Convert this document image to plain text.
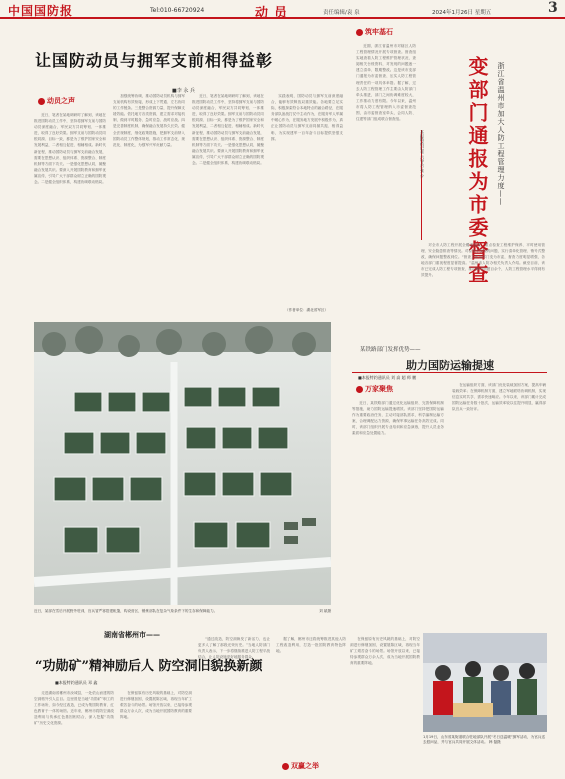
中国国防报	Tel:010-66720924	动员	责任编辑/袁 泉	2024年1月26日 星期五	3
让国防动员与拥军支前相得益彰
■李 永 兵
动员之声

近日，笔者在某地调研时了解到，该地在推进国防动员工作中，坚持将拥军支前与国防动员深度融合，军民双方共同筹划、一体推进，取得了良好效果。拥军支前与国防动员同根同源、目标一致，都是为了维护国家安全和发展利益，二者相互促进、相辅相成。新时代新征程，推动国防动员与拥军支前融合发展，需要在思想认识、组织体系、资源整合、制度机制等方面下功夫。一是强化思想认同，凝聚融合发展共识。要深入开展国防教育和拥军优属宣传，引导广大干部群众树立正确的国防观念。二是健全组织体系，构建协调联动格局。

加强统筹协调，推动国防动员机构与拥军支前机构有效衔接，形成上下贯通、左右协同的工作链条。三是整合资源力量，提升保障支援效能。依托地方各类资源，建立需求对接机制，做到平时服务、急时应急、战时应战。四是完善制度机制，确保融合发展持久长效。健全法规制度，细化政策措施，把拥军支前纳入国防动员工作整体规划，推动工作常态化、规范化、制度化，为强军兴军贡献力量。

近日，笔者在某地调研时了解到，该地在推进国防动员工作中，坚持将拥军支前与国防动员深度融合，军民双方共同筹划、一体推进，取得了良好效果。拥军支前与国防动员同根同源、目标一致，都是为了维护国家安全和发展利益，二者相互促进、相辅相成。新时代新征程，推动国防动员与拥军支前融合发展，需要在思想认识、组织体系、资源整合、制度机制等方面下功夫。一是强化思想认同，凝聚融合发展共识。要深入开展国防教育和拥军优属宣传，引导广大干部群众树立正确的国防观念。二是健全组织体系，构建协调联动格局。

实践表明，国防动员与拥军支前深度融合，能够有效释放双重效能。各地要立足实际，积极探索符合本地特点的融合路径，在服务部队备战打仗中主动作为，在服务军人军属中暖心作为，在服务地方发展中积极作为，真正让国防动员与拥军支前同频共振、相得益彰，为实现建军一百年奋斗目标提供坚强支撑。

（作者单位：湖北省军区）
近日，某部在雪后开展野外驻训，官兵冒严寒搭建帐篷，构设营区，锤炼部队在复杂气象条件下的生存和保障能力。	刘 斌摄
筑牢基石

近期，浙江省温州市对辖区人防工程管理情况开展专项督查。督查组实地查看人防工程维护管理状况，查阅相关台账资料，对发现的问题逐一建立清单、限期整改。这是该市变部门通报为市委督查、压实人防工程管理责任的一项具体举措。据了解，过去人防工程管理工作主要由人防部门牵头推进，部门之间协调难度较大，工作推动力度有限。今年以来，温州市将人防工程管理纳入市委督查范围，由市委督查室牵头，会同人防、住建等部门组成联合督查组。

本报特约记者 吕守吉 张 少	变部门通报为市委督查 浙江省温州市加大人防工程管理力度——

对全市人防工程开展全覆盖检查，重点检查工程维护保养、平时使用管理、安全隐患排查等情况。对检查中发现的问题，实行清单化管理、销号式整改，确保问题整改到位。“督查主体由部门变为市委，督查力度明显增强，各地各部门重视程度显著提高。”温州市人防办相关负责人介绍。截至目前，该市已完成人防工程专项督查，推动解决问题百余个，人防工程管理水平得到有效提升。

某铁路部门发挥优势——
助力国防运输提速
■本报特约通讯员 刘 高 超 师 鹏
万家聚焦

近日，某铁路部门通过优化运输组织、完善保障机制等措施，助力国防运输提速增效。该部门坚持把国防运输作为重要政治任务，主动对接部队需求，科学编制运输方案，合理调配运力资源，确保军事运输任务高效完成。同时，该部门组织开展专业培训和应急演练，提升人员业务素质和应急处置能力。

在运输组织方面，该部门优化装载加固方案，提高车辆装载效率；在保障机制方面，建立军地联络协调机制，实现信息实时共享、需求快速响应。今年以来，该部门累计完成国防运输任务数十批次，运输效率较以往提升明显，赢得部队官兵一致好评。

湖南省郴州市——
“功勋矿”精神励后人 防空洞旧貌换新颜
■本报特约通讯员 邓 鑫

走进湖南省郴州市汝城县，一处依山而建的防空洞格外引人注目。这里曾是当地“功勋矿”职工的工作场所，如今经过改造，已成为集国防教育、红色教育于一体的场馆。近年来，郴州市将防空洞改造利用与传承红色基因相结合，深入挖掘“功勋矿”历史文化资源。

在保留原有历史风貌的基础上，对防空洞进行修缮加固，设置展陈区域，再现当年矿工艰苦奋斗的场景。场馆开放以来，已接待参观群众万余人次，成为当地开展国防教育的重要阵地。

“通过改造，防空洞焕发了新活力，也让更多人了解了那段光荣历史。”当地人防部门负责人表示，下一步将继续推进人防工程平战结合，让人防设施更好地服务群众。

据了解，郴州市还将统筹推进其他人防工程改造利用，打造一批国防教育特色阵地。

在保留原有历史风貌的基础上，对防空洞进行修缮加固，设置展陈区域，再现当年矿工艰苦奋斗的场景。场馆开放以来，已接待参观群众万余人次，成为当地开展国防教育的重要阵地。

双赢之举
1月19日，山东省某街道联合驻地部队开展“冬日送温暖”拥军活动，为官兵送去慰问品，并与官兵共同开展文体活动。 韩 磊摄
